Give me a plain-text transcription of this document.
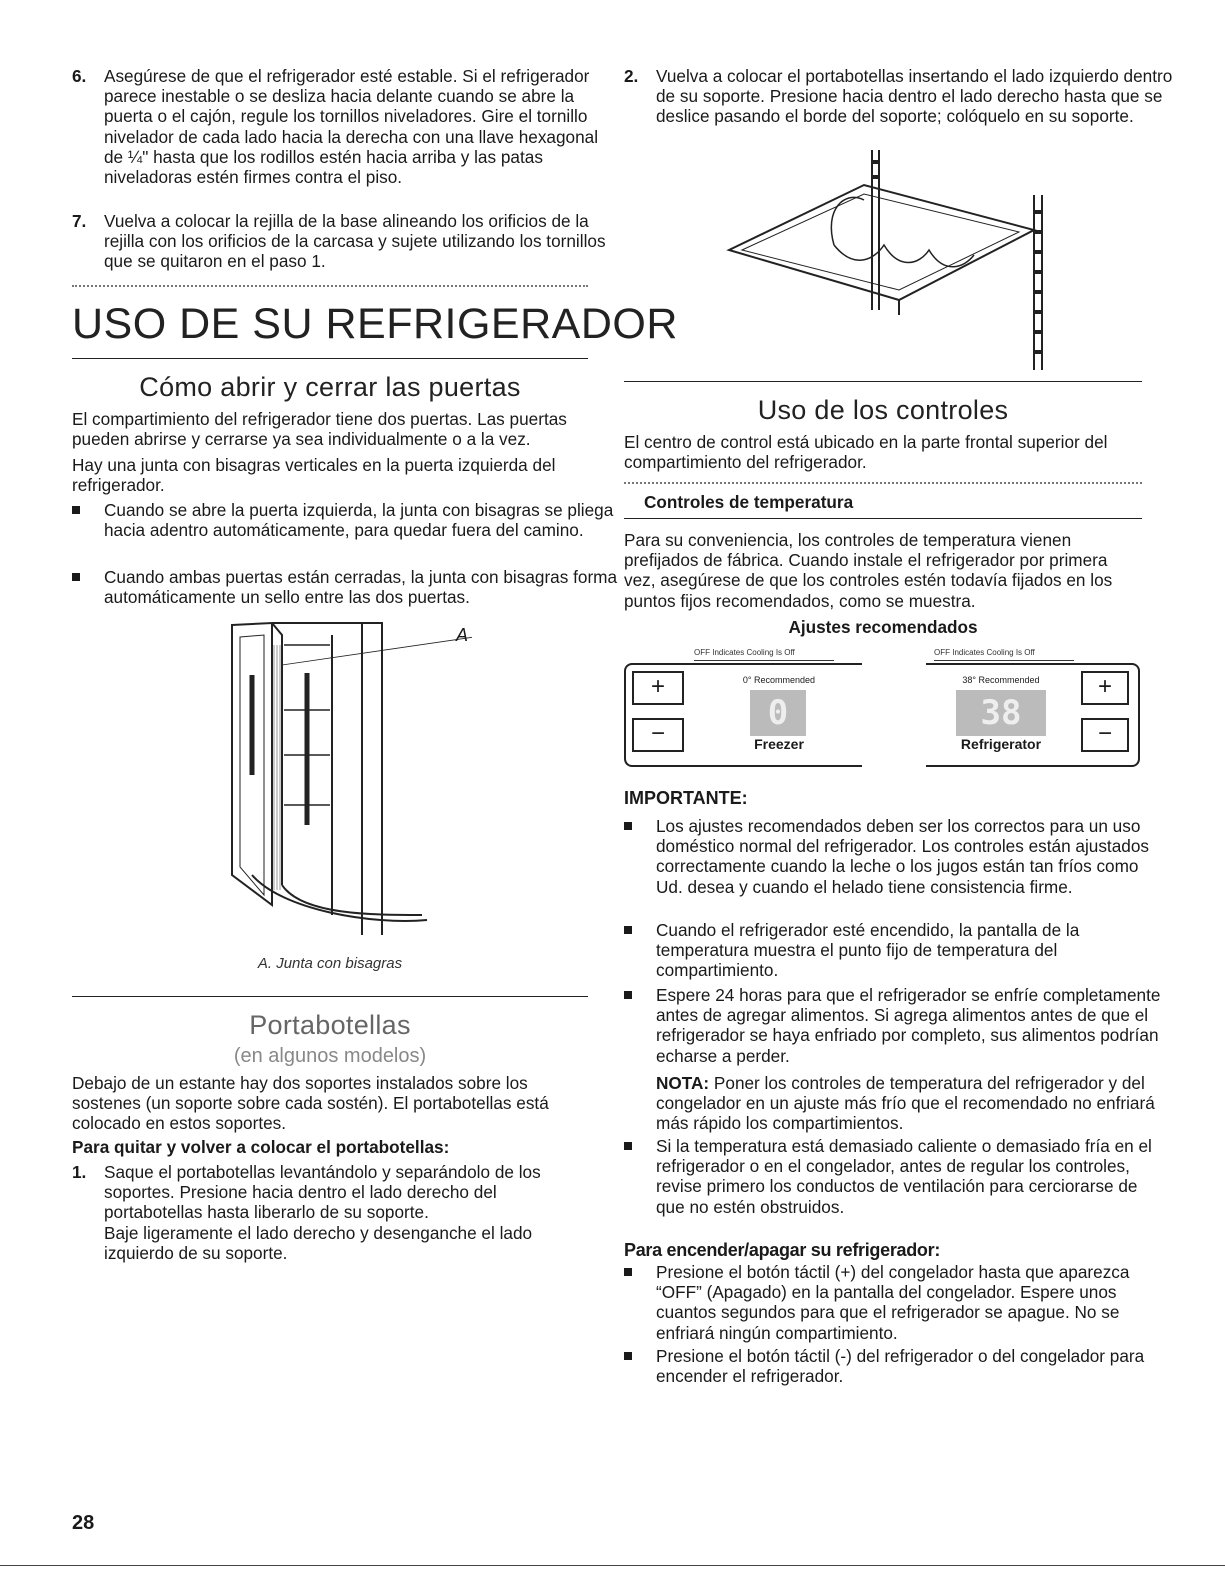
6. Asegúrese de que el refrigerador esté estable. Si el refrigerador parece inestable o se desliza hacia delante cuando se abre la puerta o el cajón, regule los tornillos niveladores. Gire el tornillo nivelador de cada lado hacia la derecha con una llave hexagonal de ¼" hasta que los rodillos estén hacia arriba y las patas niveladoras estén firmes contra el piso.
7. Vuelva a colocar la rejilla de la base alineando los orificios de la rejilla con los orificios de la carcasa y sujete utilizando los tornillos que se quitaron en el paso 1.
USO DE SU REFRIGERADOR
Cómo abrir y cerrar las puertas

El compartimiento del refrigerador tiene dos puertas. Las puertas pueden abrirse y cerrarse ya sea individualmente o a la vez.

Hay una junta con bisagras verticales en la puerta izquierda del refrigerador.

Cuando se abre la puerta izquierda, la junta con bisagras se pliega hacia adentro automáticamente, para quedar fuera del camino.
Cuando ambas puertas están cerradas, la junta con bisagras forma automáticamente un sello entre las dos puertas.
A
A. Junta con bisagras
Portabotellas
(en algunos modelos)

Debajo de un estante hay dos soportes instalados sobre los sostenes (un soporte sobre cada sostén). El portabotellas está colocado en estos soportes.

Para quitar y volver a colocar el portabotellas:

1. Saque el portabotellas levantándolo y separándolo de los soportes. Presione hacia dentro el lado derecho del portabotellas hasta liberarlo de su soporte.
Baje ligeramente el lado derecho y desenganche el lado izquierdo de su soporte.
2. Vuelva a colocar el portabotellas insertando el lado izquierdo dentro de su soporte. Presione hacia dentro el lado derecho hasta que se deslice pasando el borde del soporte; colóquelo en su soporte.
Uso de los controles

El centro de control está ubicado en la parte frontal superior del compartimiento del refrigerador.

Controles de temperatura

Para su conveniencia, los controles de temperatura vienen prefijados de fábrica. Cuando instale el refrigerador por primera vez, asegúrese de que los controles estén todavía fijados en los puntos fijos recomendados, como se muestra.

Ajustes recomendados

OFF Indicates Cooling Is Off
+
−
0° Recommended
0
Freezer
OFF Indicates Cooling Is Off
38° Recommended
38
Refrigerator
+
−

IMPORTANTE:

Los ajustes recomendados deben ser los correctos para un uso doméstico normal del refrigerador. Los controles están ajustados correctamente cuando la leche o los jugos están tan fríos como Ud. desea y cuando el helado tiene consistencia firme.
Cuando el refrigerador esté encendido, la pantalla de la temperatura muestra el punto fijo de temperatura del compartimiento.
Espere 24 horas para que el refrigerador se enfríe completamente antes de agregar alimentos. Si agrega alimentos antes de que el refrigerador se haya enfriado por completo, sus alimentos podrían echarse a perder.
NOTA: Poner los controles de temperatura del refrigerador y del congelador en un ajuste más frío que el recomendado no enfriará más rápido los compartimientos.
Si la temperatura está demasiado caliente o demasiado fría en el refrigerador o en el congelador, antes de regular los controles, revise primero los conductos de ventilación para cerciorarse de que no estén obstruidos.

Para encender/apagar su refrigerador:

Presione el botón táctil (+) del congelador hasta que aparezca “OFF” (Apagado) en la pantalla del congelador. Espere unos cuantos segundos para que el refrigerador se apague. No se enfriará ningún compartimiento.
Presione el botón táctil (-) del refrigerador o del congelador para encender el refrigerador.
28
